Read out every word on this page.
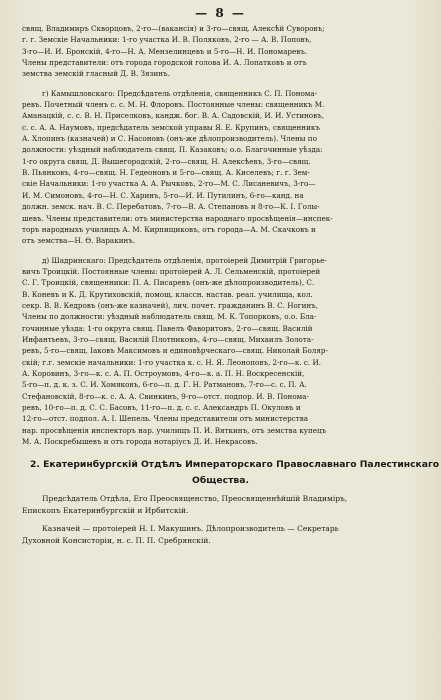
— 8 —

свящ. Владимиръ Скворцовъ, 2-го—(вакансія) и 3-го—свящ. Алексѣй Суворовъ;
г. г. Земскіе Начальники: 1-го участка И. В. Поляковъ, 2-го — А. В. Поповъ,
3-го—И. И. Бронскій, 4-го—Н. А. Мензелинцевъ и 5-го—Н. И. Пономаревъ.
Члены представители: отъ города городской голова И. А. Лопатковъ и отъ
земства земскій гласный Д. В. Зязинъ.

г) Камышловскаго: Предсѣдатель отдѣленія, священникъ С. П. Понома-
ревъ. Почетный членъ с. с. М. Н. Флоровъ. Постоянные члены: священникъ М.
Аманацкій, с. с. В. Н. Приселковъ, кандж. бог. В. А. Садовскій, И. И. Устиновъ,
с. с. А. А. Наумовъ, предсѣдатель земской управы Я. Е. Крупинъ, священникъ
А. Хлопинъ (казначей) и С. Насоновъ (онъ-же дѣлопроизводитель). Члены по
должности: уѣздный наблюдатель свящ. П. Казаковъ; о.о. Благочинные уѣзда:
1-го округа свящ. Д. Вышегородскій, 2-го—свящ. Н. Алексѣевъ, 3-го—свящ.
В. Пьянковъ, 4-го—свящ. Н. Гедеоновъ и 5-го—свящ. А. Киселевъ; г. г. Зем-
скіе Начальники: 1-го участка А. А. Рычковъ, 2-го—М. С. Лисаневичъ, 3-го—
И. М. Симоновъ, 4-го—Н. С. Харинъ, 5-го—И. И. Путилинъ, 6-го—канд. на
должн. земск. нач. В. С. Перебатовъ, 7-го—В. А. Степановъ и 8-го—К. І. Голы-
шевъ. Члены представители: отъ министерства народнаго просвѣщенія—инспек-
торъ народныхъ училищъ А. М. Кирпищиковъ, отъ города—А. М. Скачковъ и
отъ земства—Н. Ѳ. Варакинъ.

д) Шадринскаго: Предсѣдатель отдѣленія, протоіерей Димитрій Григорье-
вичъ Троицкій. Постоянные члены: протоіерей А. Л. Сельменскій, протоіерей
С. Г. Троицкій, священники: П. А. Писаревъ (онъ-же дѣлопроизводитель), С.
В. Коневъ и К. Д. Крутиховскій, помощ. классн. настав. реал. училища, кол.
секр. В. В. Кедровъ (онъ-же казначей), лич. почет. гражданинъ В. С. Ногинъ,
Члены по должности: уѣздный наблюдатель свящ. М. К. Топорковъ, о.о. Бла-
гочинные уѣзда: 1-го округа свящ. Павелъ Фаворитовъ, 2-го—свящ. Василій
Инфантьевъ, 3-го—свящ. Василій Плотниковъ, 4-го—свящ. Михаилъ Золота-
ревъ, 5-го—свящ. Іаковъ Максимовъ и единовѣрческаго—свящ. Николай Боляр-
скій; г.г. земскіе начальники: 1-го участка к. с. Н. Я. Леоноповъ, 2-го—к. с. И.
А. Коровинъ, 3-го—к. с. А. П. Остроумовъ, 4-го—к. а. П. Н. Воскресенскій,
5-го—п. д. к. з. С. И. Хомяковъ, 6-го—п. д. Г. Н. Ратмановъ, 7-го—с. с. П. А.
Стефановскій, 8-го—к. с. А. А. Свинкинъ, 9-го—отст. подпор. И. В. Понома-
ревъ, 10-го—п. д. С. С. Басовъ, 11-го—п. д. с. с. Александръ П. Окуловъ и
12-го—отст. подпол. А. І. Шепель. Члены представители отъ министерства
нар. просвѣщенія инспекторъ нар. училищъ П. И. Вяткинъ, отъ земства купецъ
М. А. Поскребышевъ и отъ города нотаріусъ Д. И. Некрасовъ.

2. Екатеринбургскій Отдѣлъ Императорскаго Православнаго Палестинскаго
Общества.

Предсѣдатель Отдѣла, Его Преосвященство, Преосвященнѣйшій Владиміръ,
Епископъ Екатеринбургскій и Ирбитскій.

Казначей — протоіерей Н. І. Макушинъ. Дѣлопроизводитель — Секретарь
Духовной Консисторіи, н. с. П. П. Сребрянскій.
